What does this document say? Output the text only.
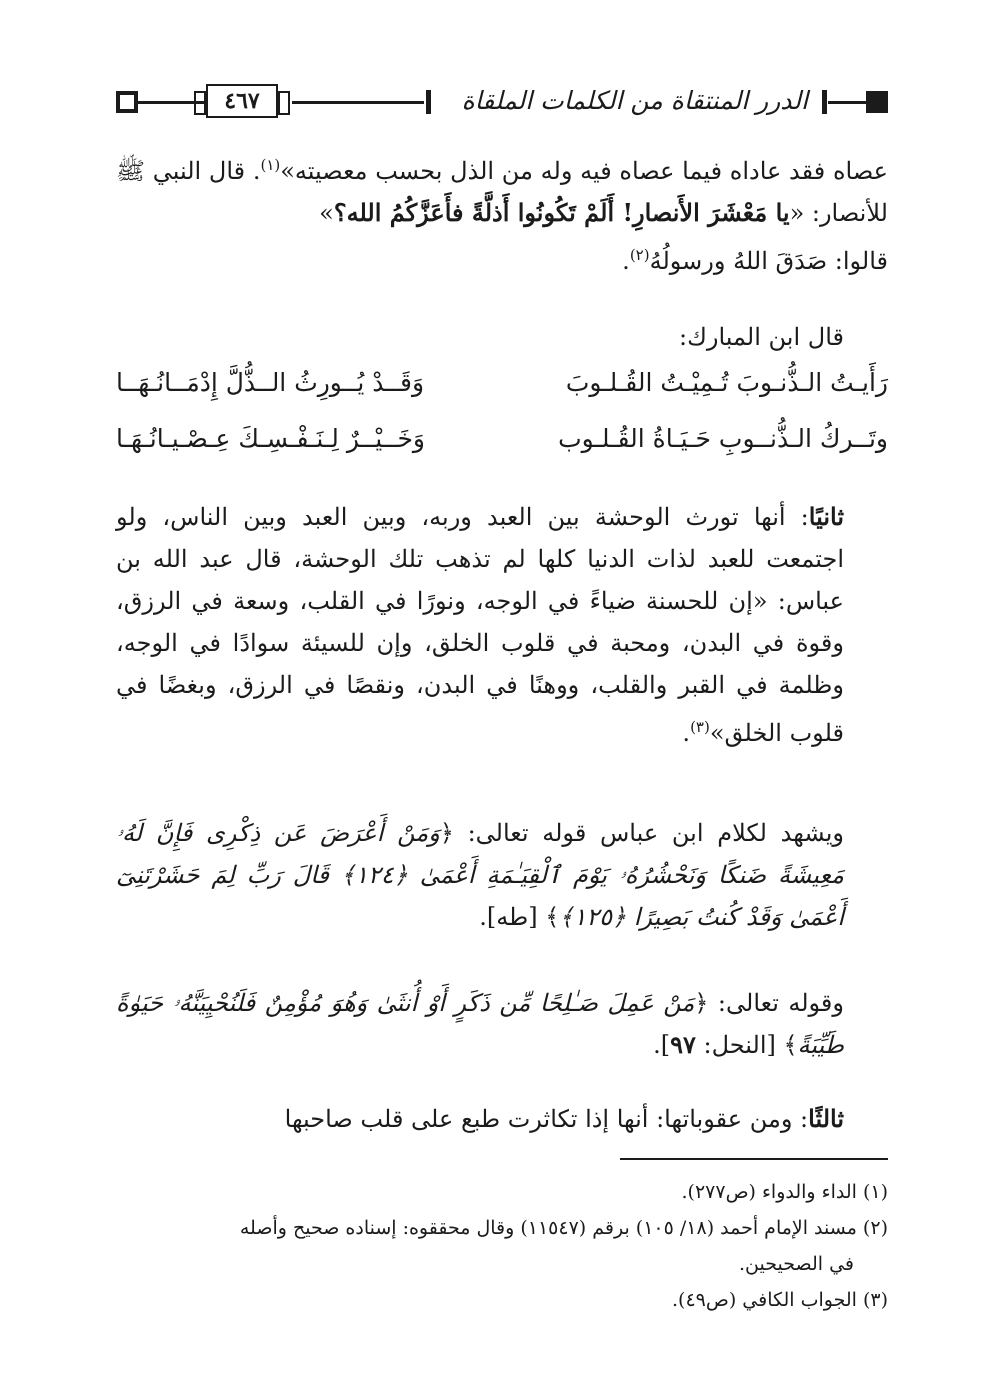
٤٦٧	الدرر المنتقاة من الكلمات الملقاة

عصاه فقد عاداه فيما عصاه فيه وله من الذل بحسب معصيته»$^{(١)}$. قال النبي ﷺ للأنصار: «يا مَعْشَرَ الأَنصارِ! أَلَمْ تَكُونُوا أَذلَّةً فأَعَزَّكُمُ الله؟»

قالوا: صَدَقَ اللهُ ورسولُهُ$^{(٢)}$.

قال ابن المبارك:

رَأَيـتُ الـذُّنـوبَ تُـمِيْـتُ القُـلـوبَ
وَقَــدْ يُــورِثُ الــذُّلَّ إِدْمَــانُـهَــا
وتَــركُ الـذُّنــوبِ حَـيَـاةُ القُـلـوب
وَخَــيْــرٌ لِـنَـفْـسِـكَ عِـصْـيـانُـهَـا

ثانيًا: أنها تورث الوحشة بين العبد وربه، وبين العبد وبين الناس، ولو اجتمعت للعبد لذات الدنيا كلها لم تذهب تلك الوحشة، قال عبد الله بن عباس: «إن للحسنة ضياءً في الوجه، ونورًا في القلب، وسعة في الرزق، وقوة في البدن، ومحبة في قلوب الخلق، وإن للسيئة سوادًا في الوجه، وظلمة في القبر والقلب، ووهنًا في البدن، ونقصًا في الرزق، وبغضًا في قلوب الخلق»$^{(٣)}$.

ويشهد لكلام ابن عباس قوله تعالى: ﴿وَمَنْ أَعْرَضَ عَن ذِكْرِى فَإِنَّ لَهُۥ مَعِيشَةً ضَنكًا وَنَحْشُرُهُۥ يَوْمَ ٱلْقِيَـٰمَةِ أَعْمَىٰ ﴿١٢٤﴾ قَالَ رَبِّ لِمَ حَشَرْتَنِىٓ أَعْمَىٰ وَقَدْ كُنتُ بَصِيرًا ﴿١٢٥﴾﴾ [طه].

وقوله تعالى: ﴿مَنْ عَمِلَ صَـٰلِحًا مِّن ذَكَرٍ أَوْ أُنثَىٰ وَهُوَ مُؤْمِنٌ فَلَنُحْيِيَنَّهُۥ حَيَوٰةً طَيِّبَةً﴾ [النحل: ٩٧].

ثالثًا: ومن عقوباتها: أنها إذا تكاثرت طبع على قلب صاحبها

(١) الداء والدواء (ص٢٧٧).
(٢) مسند الإمام أحمد (١٨/ ١٠٥) برقم (١١٥٤٧) وقال محققوه: إسناده صحيح وأصله
في الصحيحين.
(٣) الجواب الكافي (ص٤٩).
